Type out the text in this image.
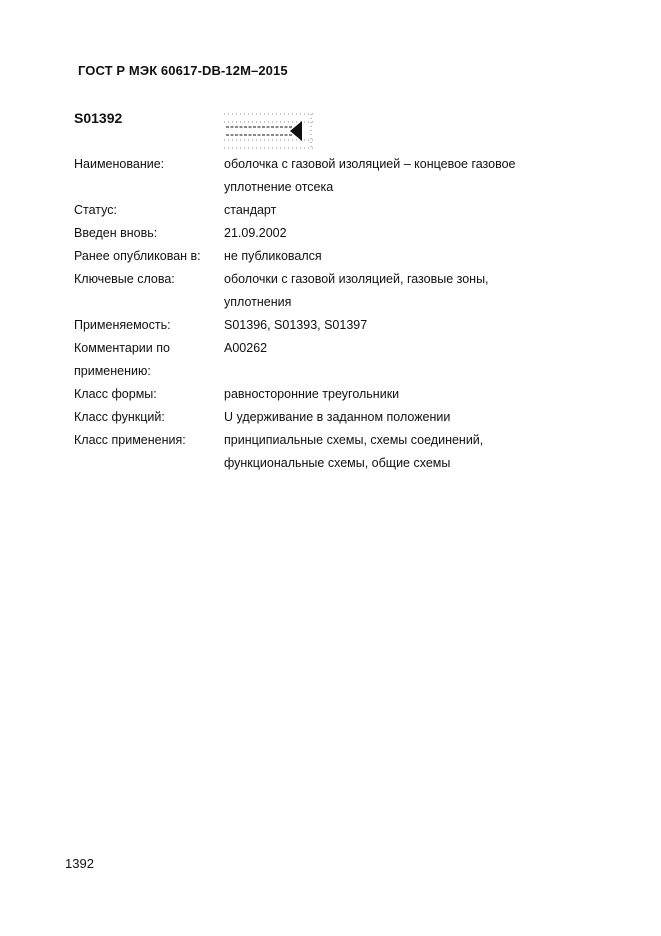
ГОСТ Р МЭК 60617-DB-12M–2015
S01392
Наименование:	оболочка с газовой изоляцией – концевое газовое
уплотнение отсека

Статус:	стандарт

Введен вновь:	21.09.2002

Ранее опубликован в:	не публиковался

Ключевые слова:	оболочки с газовой изоляцией, газовые зоны,
уплотнения

Применяемость:	S01396, S01393, S01397

Комментарии по применению:	A00262

Класс формы:	равносторонние треугольники

Класс функций:	U удерживание в заданном положении

Класс применения:	принципиальные схемы, схемы соединений,
функциональные схемы, общие схемы
1392
